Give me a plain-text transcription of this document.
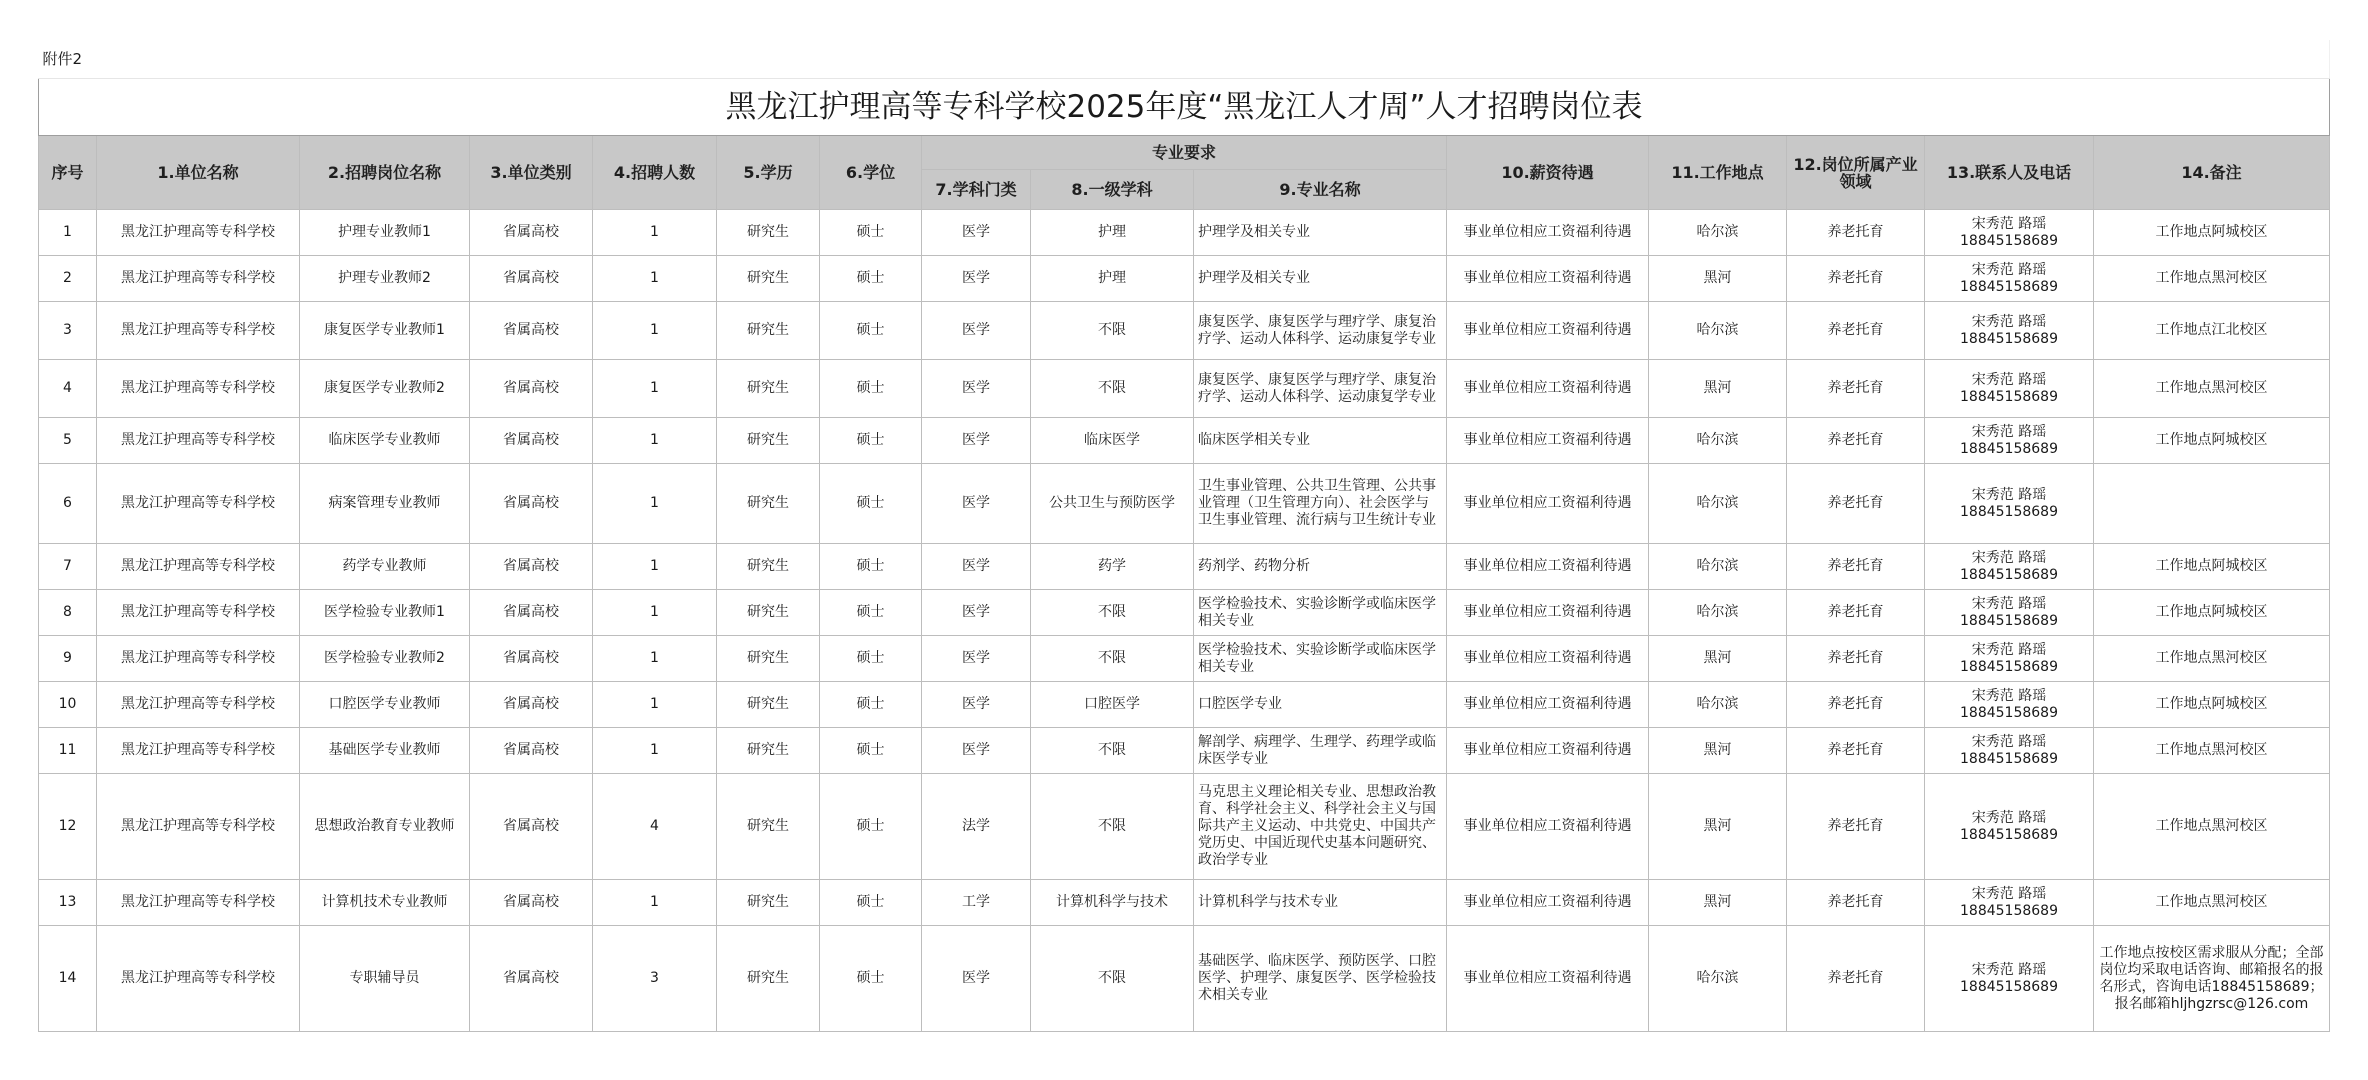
附件2														
黑龙江护理高等专科学校2025年度“黑龙江人才周”人才招聘岗位表														
序号	1.单位名称	2.招聘岗位名称	3.单位类别	4.招聘人数	5.学历	6.学位	专业要求			10.薪资待遇	11.工作地点	12.岗位所属产业领域	13.联系人及电话	14.备注
							7.学科门类	8.一级学科	9.专业名称					
1	黑龙江护理高等专科学校	护理专业教师1	省属高校	1	研究生	硕士	医学	护理	护理学及相关专业	事业单位相应工资福利待遇	哈尔滨	养老托育	宋秀范 路瑶
18845158689	工作地点阿城校区
2	黑龙江护理高等专科学校	护理专业教师2	省属高校	1	研究生	硕士	医学	护理	护理学及相关专业	事业单位相应工资福利待遇	黑河	养老托育	宋秀范 路瑶
18845158689	工作地点黑河校区
3	黑龙江护理高等专科学校	康复医学专业教师1	省属高校	1	研究生	硕士	医学	不限	康复医学、康复医学与理疗学、康复治疗学、运动人体科学、运动康复学专业	事业单位相应工资福利待遇	哈尔滨	养老托育	宋秀范 路瑶
18845158689	工作地点江北校区
4	黑龙江护理高等专科学校	康复医学专业教师2	省属高校	1	研究生	硕士	医学	不限	康复医学、康复医学与理疗学、康复治疗学、运动人体科学、运动康复学专业	事业单位相应工资福利待遇	黑河	养老托育	宋秀范 路瑶
18845158689	工作地点黑河校区
5	黑龙江护理高等专科学校	临床医学专业教师	省属高校	1	研究生	硕士	医学	临床医学	临床医学相关专业	事业单位相应工资福利待遇	哈尔滨	养老托育	宋秀范 路瑶
18845158689	工作地点阿城校区
6	黑龙江护理高等专科学校	病案管理专业教师	省属高校	1	研究生	硕士	医学	公共卫生与预防医学	卫生事业管理、公共卫生管理、公共事业管理（卫生管理方向）、社会医学与卫生事业管理、流行病与卫生统计专业	事业单位相应工资福利待遇	哈尔滨	养老托育	宋秀范 路瑶
18845158689	

7	黑龙江护理高等专科学校	药学专业教师	省属高校	1	研究生	硕士	医学	药学	药剂学、药物分析	事业单位相应工资福利待遇	哈尔滨	养老托育	宋秀范 路瑶
18845158689	工作地点阿城校区
8	黑龙江护理高等专科学校	医学检验专业教师1	省属高校	1	研究生	硕士	医学	不限	医学检验技术、实验诊断学或临床医学相关专业	事业单位相应工资福利待遇	哈尔滨	养老托育	宋秀范 路瑶
18845158689	工作地点阿城校区
9	黑龙江护理高等专科学校	医学检验专业教师2	省属高校	1	研究生	硕士	医学	不限	医学检验技术、实验诊断学或临床医学相关专业	事业单位相应工资福利待遇	黑河	养老托育	宋秀范 路瑶
18845158689	工作地点黑河校区
10	黑龙江护理高等专科学校	口腔医学专业教师	省属高校	1	研究生	硕士	医学	口腔医学	口腔医学专业	事业单位相应工资福利待遇	哈尔滨	养老托育	宋秀范 路瑶
18845158689	工作地点阿城校区
11	黑龙江护理高等专科学校	基础医学专业教师	省属高校	1	研究生	硕士	医学	不限	解剖学、病理学、生理学、药理学或临床医学专业	事业单位相应工资福利待遇	黑河	养老托育	宋秀范 路瑶
18845158689	工作地点黑河校区
12	黑龙江护理高等专科学校	思想政治教育专业教师	省属高校	4	研究生	硕士	法学	不限	马克思主义理论相关专业、思想政治教育、科学社会主义、科学社会主义与国际共产主义运动、中共党史、中国共产党历史、中国近现代史基本问题研究、政治学专业	事业单位相应工资福利待遇	黑河	养老托育	宋秀范 路瑶
18845158689	工作地点黑河校区
13	黑龙江护理高等专科学校	计算机技术专业教师	省属高校	1	研究生	硕士	工学	计算机科学与技术	计算机科学与技术专业	事业单位相应工资福利待遇	黑河	养老托育	宋秀范 路瑶
18845158689	工作地点黑河校区
14	黑龙江护理高等专科学校	专职辅导员	省属高校	3	研究生	硕士	医学	不限	基础医学、临床医学、预防医学、口腔医学、护理学、康复医学、医学检验技术相关专业	事业单位相应工资福利待遇	哈尔滨	养老托育	宋秀范 路瑶
18845158689	工作地点按校区需求服从分配；全部岗位均采取电话咨询、邮箱报名的报名形式，咨询电话18845158689；报名邮箱hljhgzrsc@126.com
